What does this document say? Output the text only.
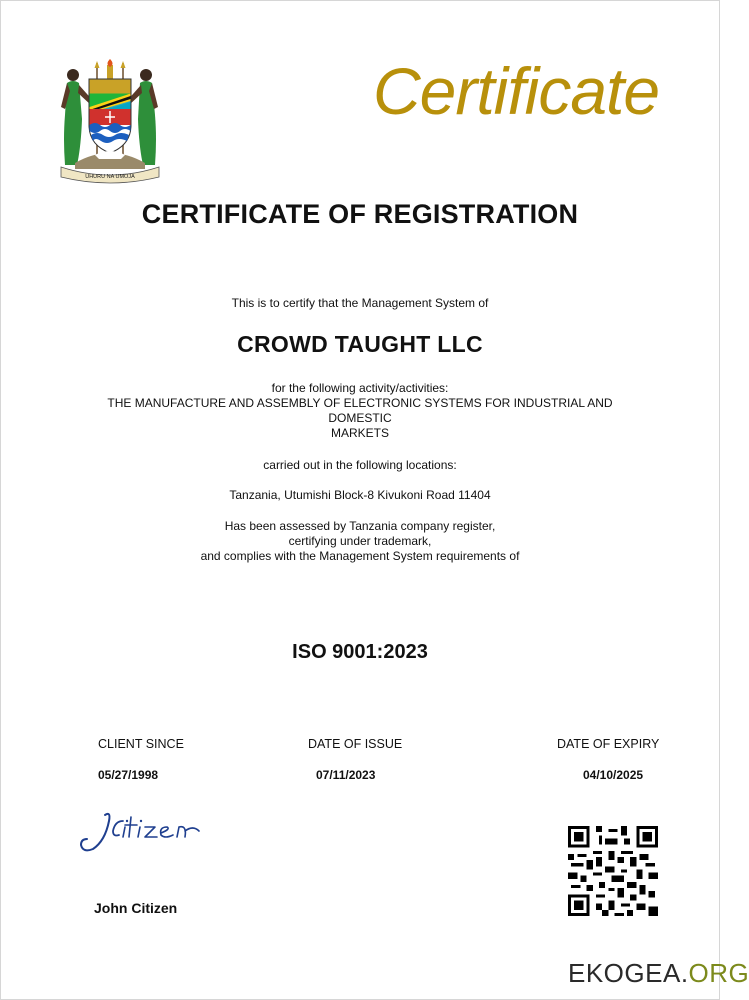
UHURU NA UMOJA
Certificate
CERTIFICATE OF REGISTRATION
This is to certify that the Management System of
CROWD TAUGHT LLC
for the following activity/activities:
THE MANUFACTURE AND ASSEMBLY OF ELECTRONIC SYSTEMS FOR INDUSTRIAL AND
DOMESTIC
MARKETS
carried out in the following locations:
Tanzania, Utumishi Block-8 Kivukoni Road 11404
Has been assessed by Tanzania company register,
certifying under trademark,
and complies with the Management System requirements of
ISO 9001:2023
CLIENT SINCE	DATE OF ISSUE	DATE OF EXPIRY
05/27/1998	07/11/2023	04/10/2025
John Citizen
EKOGEA.ORG
